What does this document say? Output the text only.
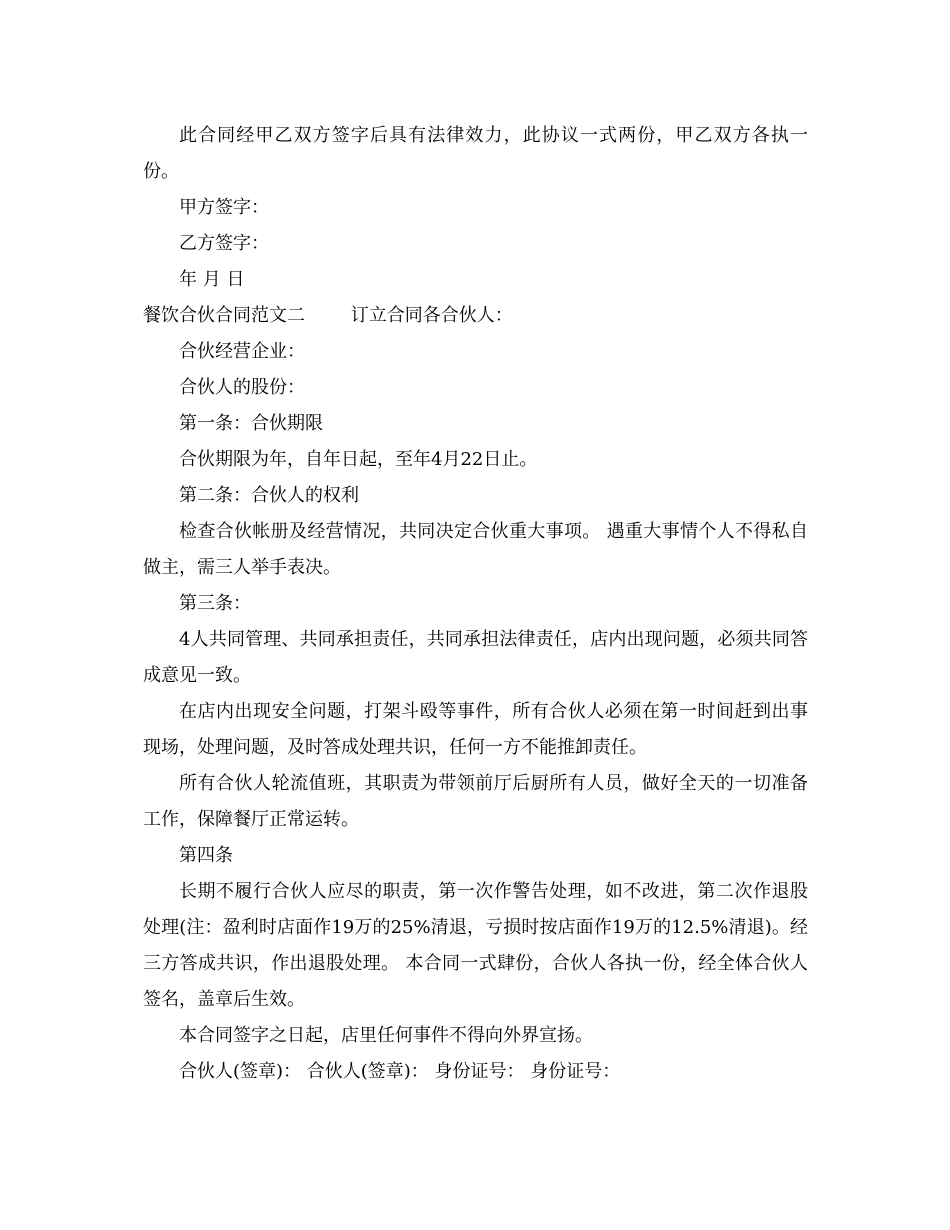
此合同经甲乙双方签字后具有法律效力，此协议一式两份，甲乙双方各执一份。

甲方签字：

乙方签字：

年 月 日

餐饮合伙合同范文二        订立合同各合伙人：

合伙经营企业：

合伙人的股份：

第一条：合伙期限

合伙期限为年，自年日起，至年4月22日止。

第二条：合伙人的权利

检查合伙帐册及经营情况，共同决定合伙重大事项。 遇重大事情个人不得私自做主，需三人举手表决。

第三条：

4人共同管理、共同承担责任，共同承担法律责任，店内出现问题，必须共同答成意见一致。

在店内出现安全问题，打架斗殴等事件，所有合伙人必须在第一时间赶到出事现场，处理问题，及时答成处理共识，任何一方不能推卸责任。

所有合伙人轮流值班，其职责为带领前厅后厨所有人员，做好全天的一切准备工作，保障餐厅正常运转。

第四条

长期不履行合伙人应尽的职责，第一次作警告处理，如不改进，第二次作退股处理(注：盈利时店面作19万的25%清退，亏损时按店面作19万的12.5%清退)。经三方答成共识，作出退股处理。 本合同一式肆份，合伙人各执一份，经全体合伙人签名，盖章后生效。

本合同签字之日起，店里任何事件不得向外界宣扬。

合伙人(签章)： 合伙人(签章)： 身份证号： 身份证号：
